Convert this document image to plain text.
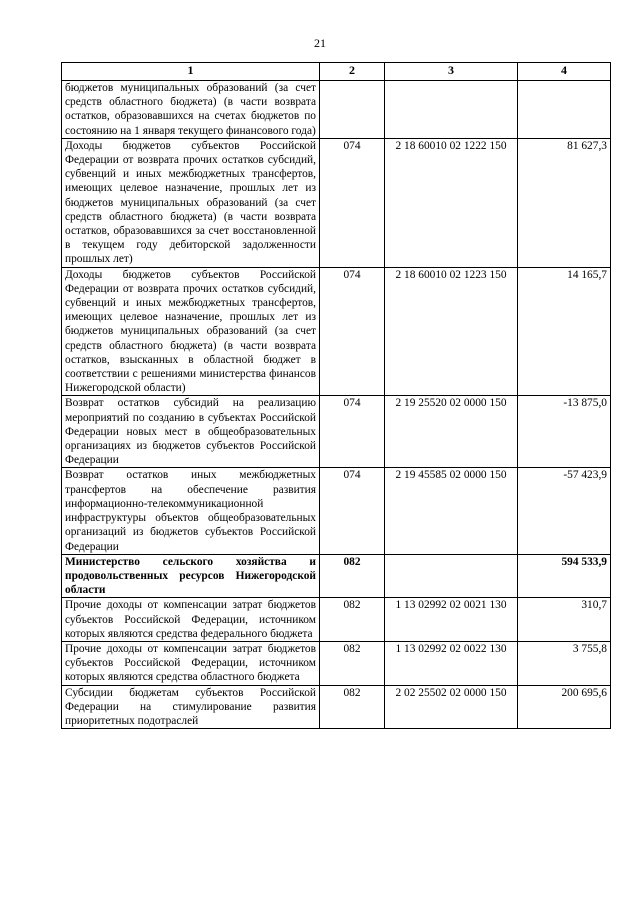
21
1	2	3	4
бюджетов муниципальных образований (за счет средств областного бюджета) (в части возврата остатков, образовавшихся на счетах бюджетов по состоянию на 1 января текущего финансового года)			
Доходы бюджетов субъектов Российской Федерации от возврата прочих остатков субсидий, субвенций и иных межбюджетных трансфертов, имеющих целевое назначение, прошлых лет из бюджетов муниципальных образований (за счет средств областного бюджета) (в части возврата остатков, образовавшихся за счет восстановленной в текущем году дебиторской задолженности прошлых лет)	074	2 18 60010 02 1222 150	81 627,3
Доходы бюджетов субъектов Российской Федерации от возврата прочих остатков субсидий, субвенций и иных межбюджетных трансфертов, имеющих целевое назначение, прошлых лет из бюджетов муниципальных образований (за счет средств областного бюджета) (в части возврата остатков, взысканных в областной бюджет в соответствии с решениями министерства финансов Нижегородской области)	074	2 18 60010 02 1223 150	14 165,7
Возврат остатков субсидий на реализацию мероприятий по созданию в субъектах Российской Федерации новых мест в общеобразовательных организациях из бюджетов субъектов Российской Федерации	074	2 19 25520 02 0000 150	-13 875,0
Возврат остатков иных межбюджетных трансфертов на обеспечение развития информационно-телекоммуникационной инфраструктуры объектов общеобразовательных организаций из бюджетов субъектов Российской Федерации	074	2 19 45585 02 0000 150	-57 423,9
Министерство сельского хозяйства и продовольственных ресурсов Нижегородской области	082		594 533,9
Прочие доходы от компенсации затрат бюджетов субъектов Российской Федерации, источником которых являются средства федерального бюджета	082	1 13 02992 02 0021 130	310,7
Прочие доходы от компенсации затрат бюджетов субъектов Российской Федерации, источником которых являются средства областного бюджета	082	1 13 02992 02 0022 130	3 755,8
Субсидии бюджетам субъектов Российской Федерации на стимулирование развития приоритетных подотраслей	082	2 02 25502 02 0000 150	200 695,6
